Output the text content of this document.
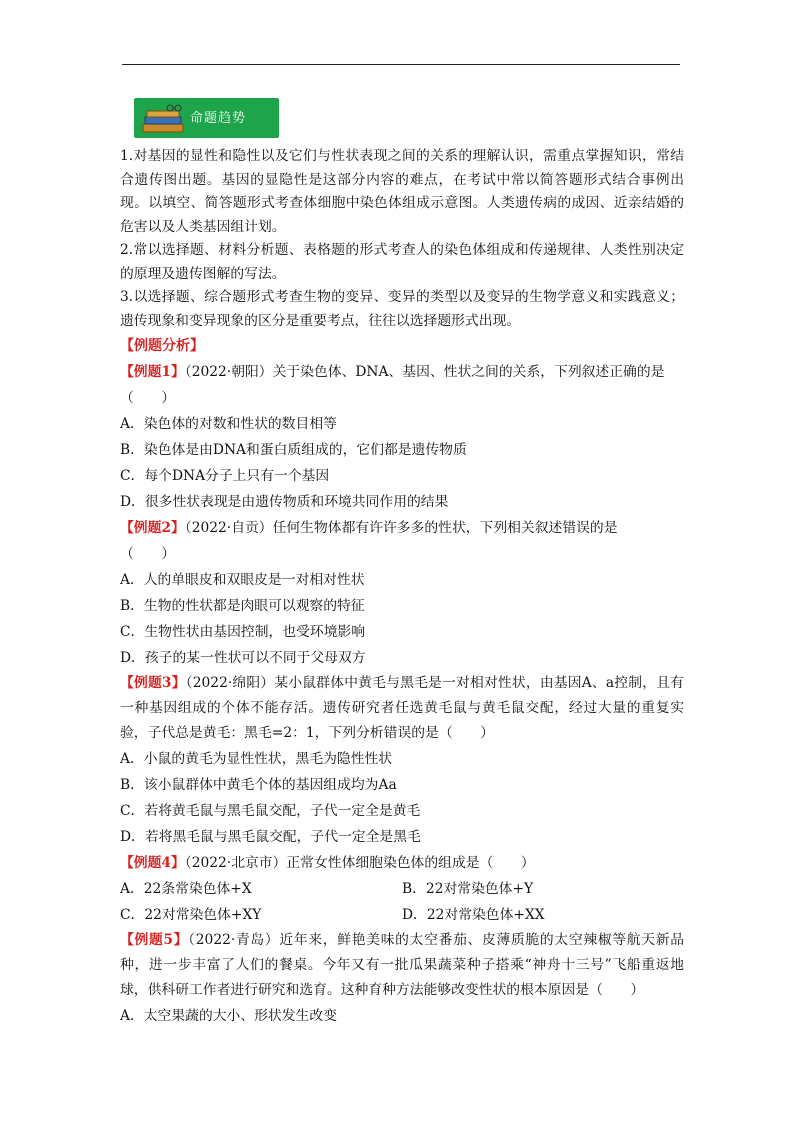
命题趋势

1.对基因的显性和隐性以及它们与性状表现之间的关系的理解认识，需重点掌握知识，常结合遗传图出题。基因的显隐性是这部分内容的难点，在考试中常以简答题形式结合事例出现。以填空、简答题形式考查体细胞中染色体组成示意图。人类遗传病的成因、近亲结婚的危害以及人类基因组计划。

2.常以选择题、材料分析题、表格题的形式考查人的染色体组成和传递规律、人类性别决定的原理及遗传图解的写法。

3.以选择题、综合题形式考查生物的变异、变异的类型以及变异的生物学意义和实践意义；遗传现象和变异现象的区分是重要考点，往往以选择题形式出现。

【例题分析】
【例题1】（2022·朝阳）关于染色体、DNA、基因、性状之间的关系，下列叙述正确的是
（　　）
A．染色体的对数和性状的数目相等
B．染色体是由DNA和蛋白质组成的，它们都是遗传物质
C．每个DNA分子上只有一个基因
D．很多性状表现是由遗传物质和环境共同作用的结果
【例题2】（2022·自贡）任何生物体都有许许多多的性状，下列相关叙述错误的是
（　　）
A．人的单眼皮和双眼皮是一对相对性状
B．生物的性状都是肉眼可以观察的特征
C．生物性状由基因控制，也受环境影响
D．孩子的某一性状可以不同于父母双方

【例题3】（2022·绵阳）某小鼠群体中黄毛与黑毛是一对相对性状，由基因A、a控制，且有一种基因组成的个体不能存活。遗传研究者任选黄毛鼠与黄毛鼠交配，经过大量的重复实验，子代总是黄毛：黑毛=2：1，下列分析错误的是（　　）

A．小鼠的黄毛为显性性状，黑毛为隐性性状
B．该小鼠群体中黄毛个体的基因组成均为Aa
C．若将黄毛鼠与黑毛鼠交配，子代一定全是黄毛
D．若将黑毛鼠与黑毛鼠交配，子代一定全是黑毛
【例题4】（2022·北京市）正常女性体细胞染色体的组成是（　　）
A．22条常染色体+X	B．22对常染色体+Y
C．22对常染色体+XY	D．22对常染色体+XX

【例题5】（2022·青岛）近年来，鲜艳美味的太空番茄、皮薄质脆的太空辣椒等航天新品种，进一步丰富了人们的餐桌。今年又有一批瓜果蔬菜种子搭乘“神舟十三号”飞船重返地球，供科研工作者进行研究和选育。这种育种方法能够改变性状的根本原因是（　　）

A．太空果蔬的大小、形状发生改变
